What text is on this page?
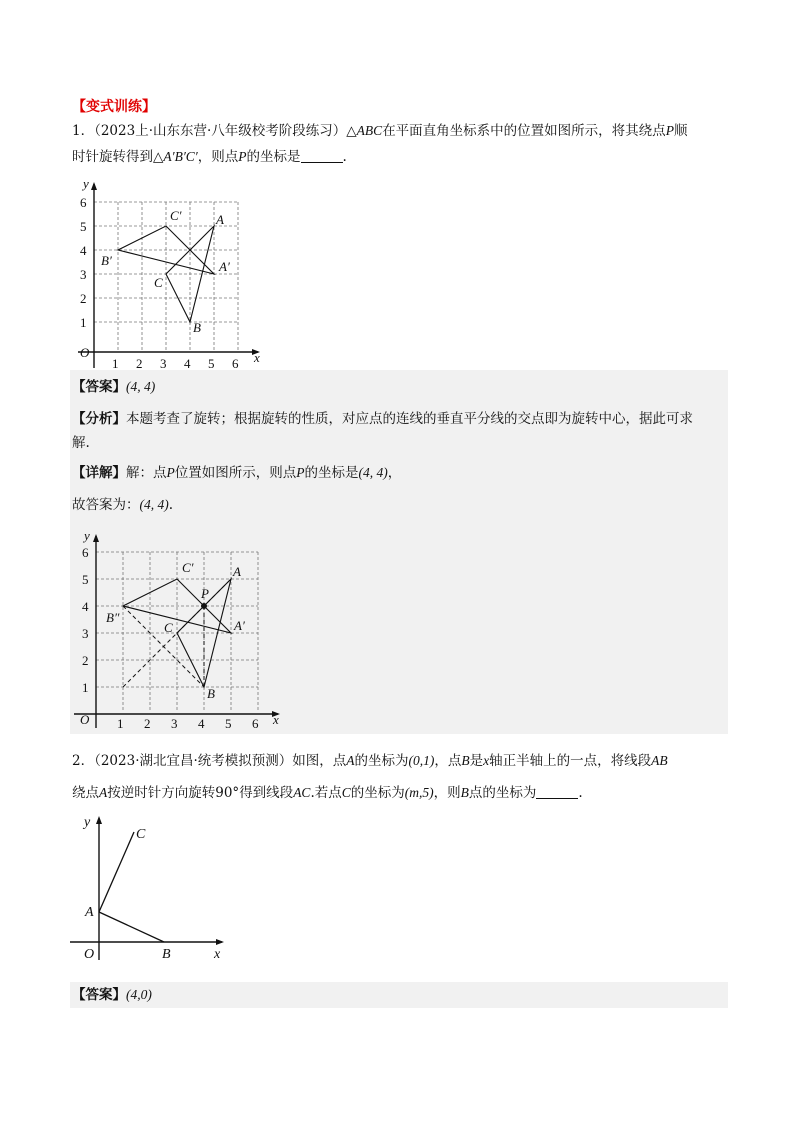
【变式训练】
1．（2023上·山东东营·八年级校考阶段练习）△ABC在平面直角坐标系中的位置如图所示，将其绕点P顺
时针旋转得到△A′B′C′，则点P的坐标是	.
1 2 3 4 5 6
1
2
3
4
5
6
O	x
y
A
B
C
A′
B′
C′
【答案】(4, 4)
【分析】本题考查了旋转；根据旋转的性质，对应点的连线的垂直平分线的交点即为旋转中心，据此可求
解.
【详解】解：点P位置如图所示，则点P的坐标是(4, 4)，
故答案为：(4, 4).
1 2 3 4 5 6
1
2
3
4
5
6
O	x
y
A
B
C	A′
B″
C′
P
2．（2023·湖北宜昌·统考模拟预测）如图，点A的坐标为(0,1)，点B是x轴正半轴上的一点，将线段AB
绕点A按逆时针方向旋转90°得到线段AC.若点C的坐标为(m,5)，则B点的坐标为	.
A
B
C
O	x
y
【答案】(4,0)
